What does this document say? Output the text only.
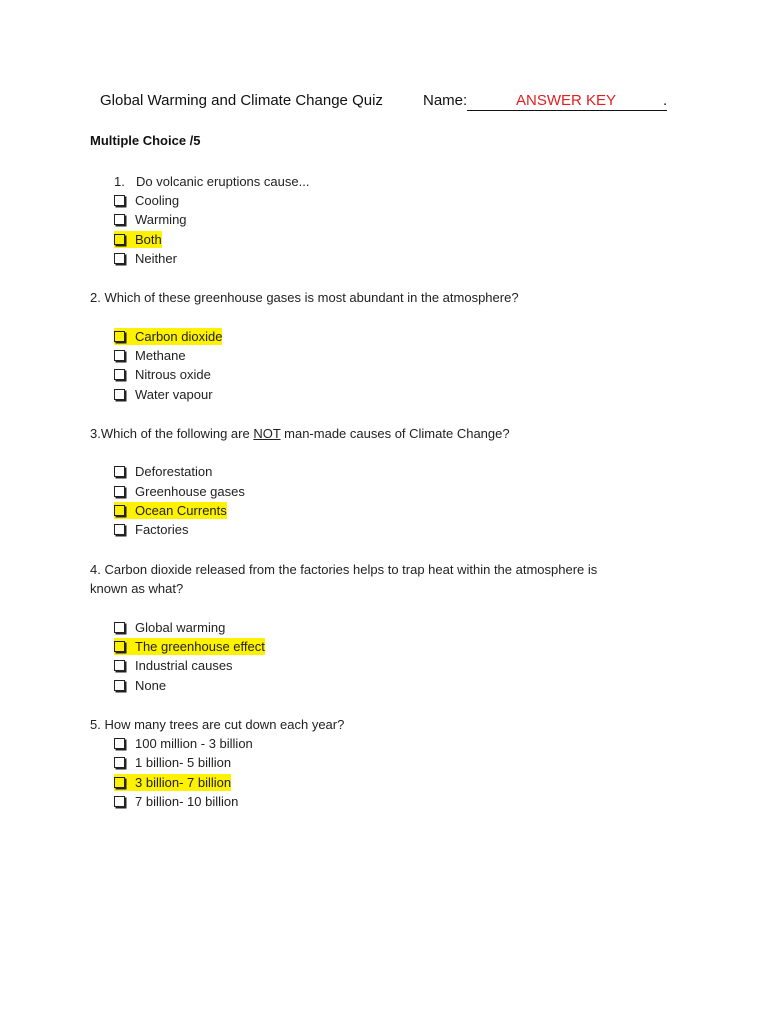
Global Warming and Climate Change Quiz	Name:	ANSWER KEY	.
Multiple Choice /5
1. Do volcanic eruptions cause...
Cooling
Warming
Both
Neither
2. Which of these greenhouse gases is most abundant in the atmosphere?
Carbon dioxide
Methane
Nitrous oxide
Water vapour
3.Which of the following are NOT man-made causes of Climate Change?
Deforestation
Greenhouse gases
Ocean Currents
Factories
4. Carbon dioxide released from the factories helps to trap heat within the atmosphere is
known as what?
Global warming
The greenhouse effect
Industrial causes
None
5. How many trees are cut down each year?
100 million - 3 billion
1 billion- 5 billion
3 billion- 7 billion
7 billion- 10 billion
